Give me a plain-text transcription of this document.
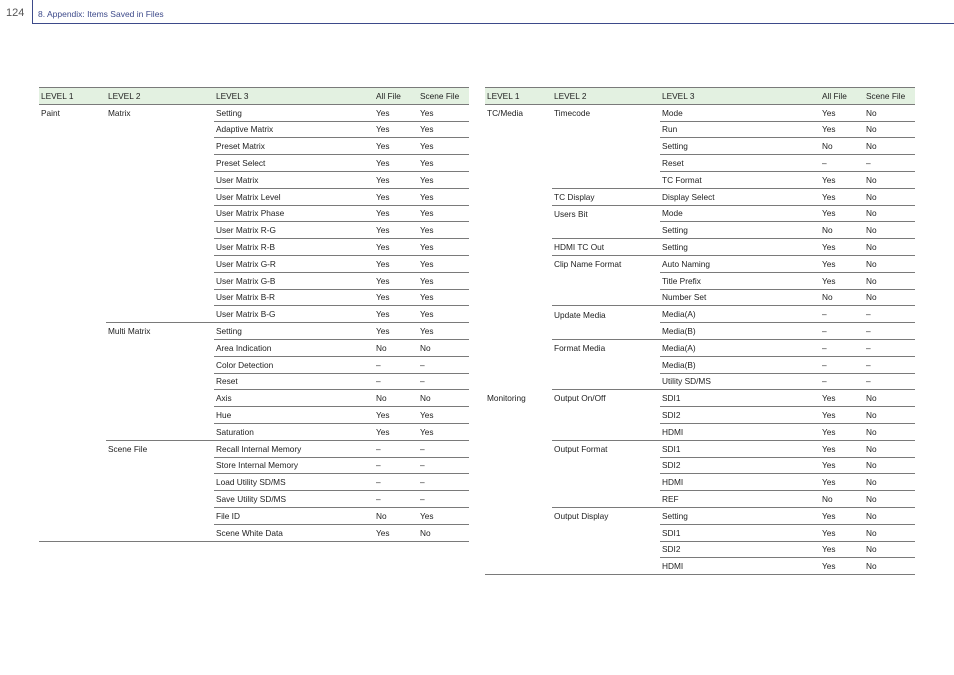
124 8. Appendix: Items Saved in Files
LEVEL 1	LEVEL 2	LEVEL 3	All File	Scene File
Paint	Matrix	Setting	Yes	Yes
		Adaptive Matrix	Yes	Yes
		Preset Matrix	Yes	Yes
		Preset Select	Yes	Yes
		User Matrix	Yes	Yes
		User Matrix Level	Yes	Yes
		User Matrix Phase	Yes	Yes
		User Matrix R-G	Yes	Yes
		User Matrix R-B	Yes	Yes
		User Matrix G-R	Yes	Yes
		User Matrix G-B	Yes	Yes
		User Matrix B-R	Yes	Yes
		User Matrix B-G	Yes	Yes
	Multi Matrix	Setting	Yes	Yes
		Area Indication	No	No
		Color Detection	–	–
		Reset	–	–
		Axis	No	No
		Hue	Yes	Yes
		Saturation	Yes	Yes
	Scene File	Recall Internal Memory	–	–
		Store Internal Memory	–	–
		Load Utility SD/MS	–	–
		Save Utility SD/MS	–	–
		File ID	No	Yes
		Scene White Data	Yes	No
LEVEL 1	LEVEL 2	LEVEL 3	All File	Scene File
TC/Media	Timecode	Mode	Yes	No
		Run	Yes	No
		Setting	No	No
		Reset	–	–
		TC Format	Yes	No
	TC Display	Display Select	Yes	No
	Users Bit	Mode	Yes	No
		Setting	No	No
	HDMI TC Out	Setting	Yes	No
	Clip Name Format	Auto Naming	Yes	No
		Title Prefix	Yes	No
		Number Set	No	No
	Update Media	Media(A)	–	–
		Media(B)	–	–
	Format Media	Media(A)	–	–
		Media(B)	–	–
		Utility SD/MS	–	–
Monitoring	Output On/Off	SDI1	Yes	No
		SDI2	Yes	No
		HDMI	Yes	No
	Output Format	SDI1	Yes	No
		SDI2	Yes	No
		HDMI	Yes	No
		REF	No	No
	Output Display	Setting	Yes	No
		SDI1	Yes	No
		SDI2	Yes	No
		HDMI	Yes	No
